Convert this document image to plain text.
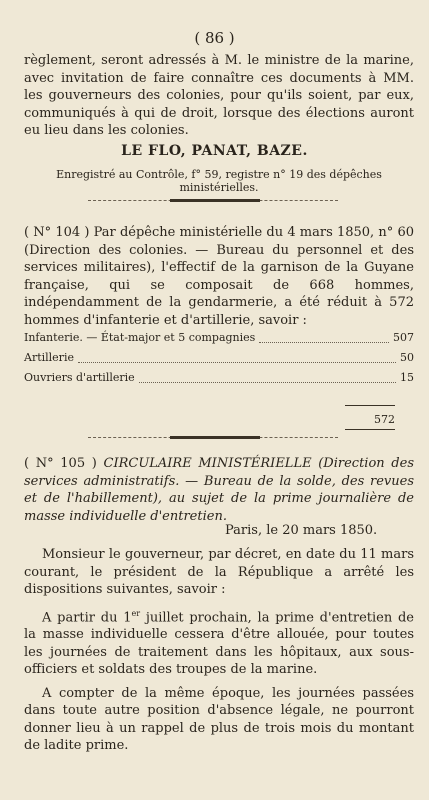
( 86 )

règlement, seront adressés à M. le ministre de la marine, avec invitation de faire connaître ces documents à MM. les gouverneurs des colonies, pour qu'ils soient, par eux, communiqués à qui de droit, lorsque des élections auront eu lieu dans les colonies.

LE FLO, PANAT, BAZE.
Enregistré au Contrôle, f° 59, registre n° 19 des dépêches ministérielles.

( N° 104 ) Par dépêche ministérielle du 4 mars 1850, n° 60 (Direction des colonies. — Bureau du personnel et des services militaires), l'effectif de la garnison de la Guyane française, qui se composait de 668 hommes, indépendamment de la gendarmerie, a été réduit à 572 hommes d'infanterie et d'artillerie, savoir :

Infanterie. — État-major et 5 compagnies	507
Artillerie	50
Ouvriers d'artillerie	15
572

( N° 105 ) CIRCULAIRE MINISTÉRIELLE (Direction des services administratifs. — Bureau de la solde, des revues et de l'habillement), au sujet de la prime journalière de masse individuelle d'entretien.

Paris, le 20 mars 1850.

Monsieur le gouverneur, par décret, en date du 11 mars courant, le président de la République a arrêté les dispositions suivantes, savoir :

A partir du 1er juillet prochain, la prime d'entretien de la masse individuelle cessera d'être allouée, pour toutes les journées de traitement dans les hôpitaux, aux sous-officiers et soldats des troupes de la marine.

A compter de la même époque, les journées passées dans toute autre position d'absence légale, ne pourront donner lieu à un rappel de plus de trois mois du montant de ladite prime.
